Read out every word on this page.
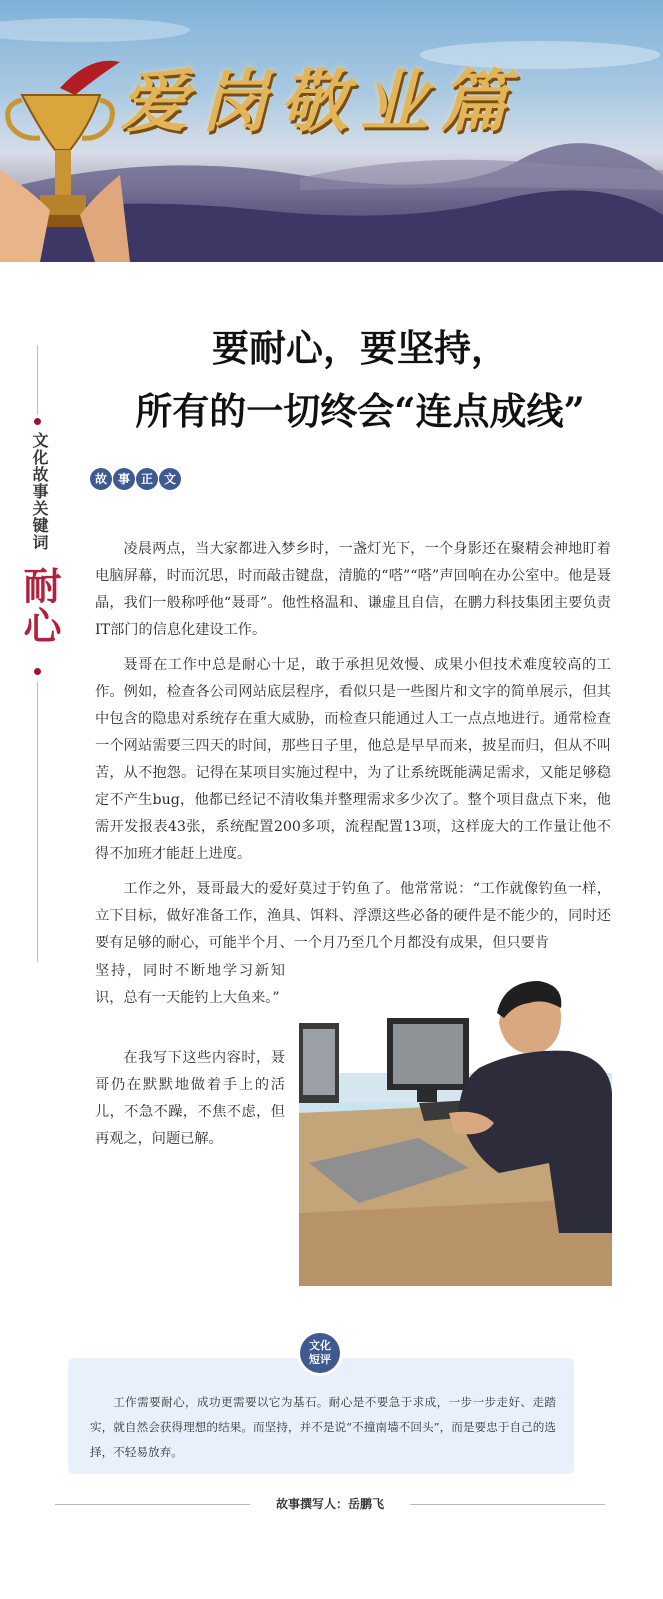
爱岗敬业篇
文化故事关键词
耐心
要耐心，要坚持，
所有的一切终会“连点成线”
故 事 正 文

凌晨两点，当大家都进入梦乡时，一盏灯光下，一个身影还在聚精会神地盯着电脑屏幕，时而沉思，时而敲击键盘，清脆的“嗒”“嗒”声回响在办公室中。他是聂晶，我们一般称呼他“聂哥”。他性格温和、谦虚且自信，在鹏力科技集团主要负责IT部门的信息化建设工作。

聂哥在工作中总是耐心十足，敢于承担见效慢、成果小但技术难度较高的工作。例如，检查各公司网站底层程序，看似只是一些图片和文字的简单展示，但其中包含的隐患对系统存在重大威胁，而检查只能通过人工一点点地进行。通常检查一个网站需要三四天的时间，那些日子里，他总是早早而来，披星而归，但从不叫苦，从不抱怨。记得在某项目实施过程中，为了让系统既能满足需求，又能足够稳定不产生bug，他都已经记不清收集并整理需求多少次了。整个项目盘点下来，他需开发报表43张，系统配置200多项，流程配置13项，这样庞大的工作量让他不得不加班才能赶上进度。

工作之外，聂哥最大的爱好莫过于钓鱼了。他常常说：“工作就像钓鱼一样，立下目标，做好准备工作，渔具、饵料、浮漂这些必备的硬件是不能少的，同时还要有足够的耐心，可能半个月、一个月乃至几个月都没有成果，但只要肯

坚持，同时不断地学习新知识，总有一天能钓上大鱼来。”

在我写下这些内容时，聂哥仍在默默地做着手上的活儿，不急不躁，不焦不虑，但再观之，问题已解。

文化
短评

工作需要耐心，成功更需要以它为基石。耐心是不要急于求成，一步一步走好、走踏实，就自然会获得理想的结果。而坚持，并不是说“不撞南墙不回头”，而是要忠于自己的选择，不轻易放弃。

故事撰写人：岳鹏飞
